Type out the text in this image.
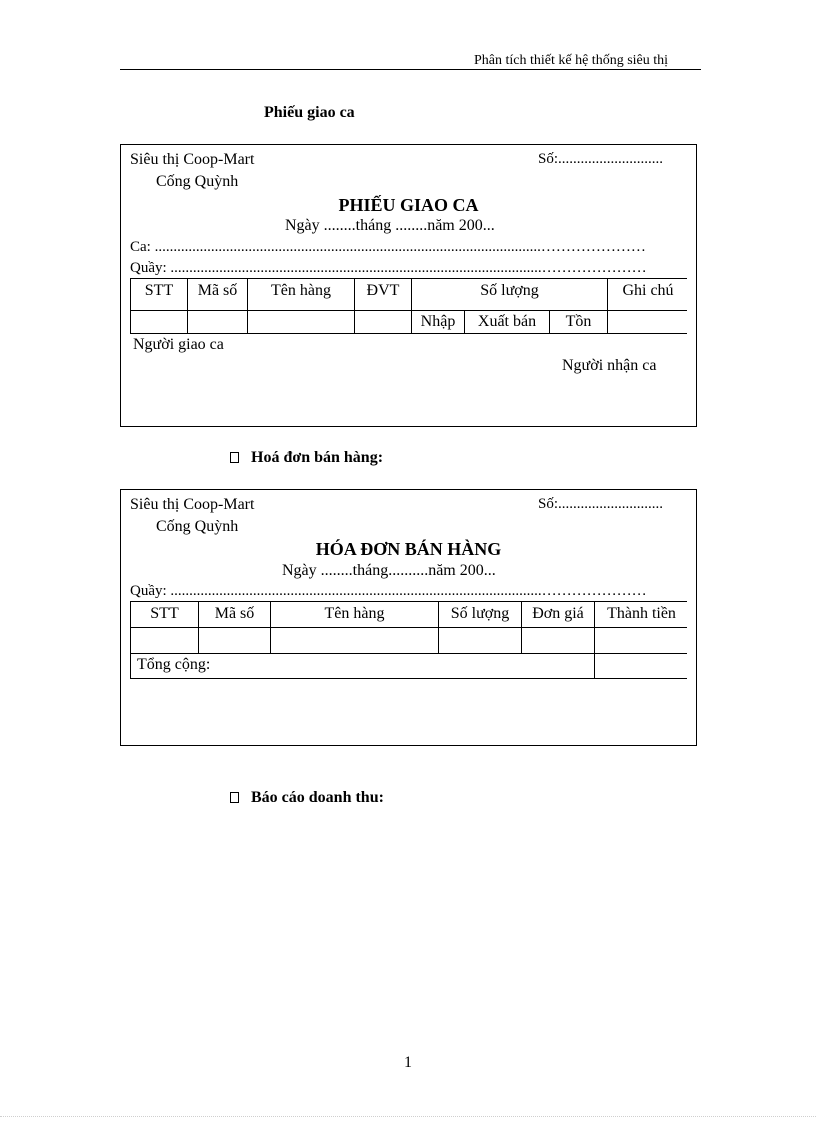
Phân tích thiết kế hệ thống siêu thị
Phiếu giao ca
Siêu thị Coop-Mart
Cống Quỳnh
Số:............................
PHIẾU GIAO CA
Ngày ........tháng ........năm 200...
Ca: .......................................................................................................…………………
Quầy: ...................................................................................................…………………
STT	Mã số	Tên hàng	ĐVT	Số lượng	Ghi chú
Nhập	Xuất bán	Tồn
Người giao ca
Người nhận ca
Hoá đơn bán hàng:
Siêu thị Coop-Mart
Cống Quỳnh
Số:............................
HÓA ĐƠN BÁN HÀNG
Ngày ........tháng..........năm 200...
Quầy: ...................................................................................................…………………
STT	Mã số	Tên hàng	Số lượng	Đơn giá	Thành tiền
Tổng cộng:
Báo cáo doanh thu:
1
